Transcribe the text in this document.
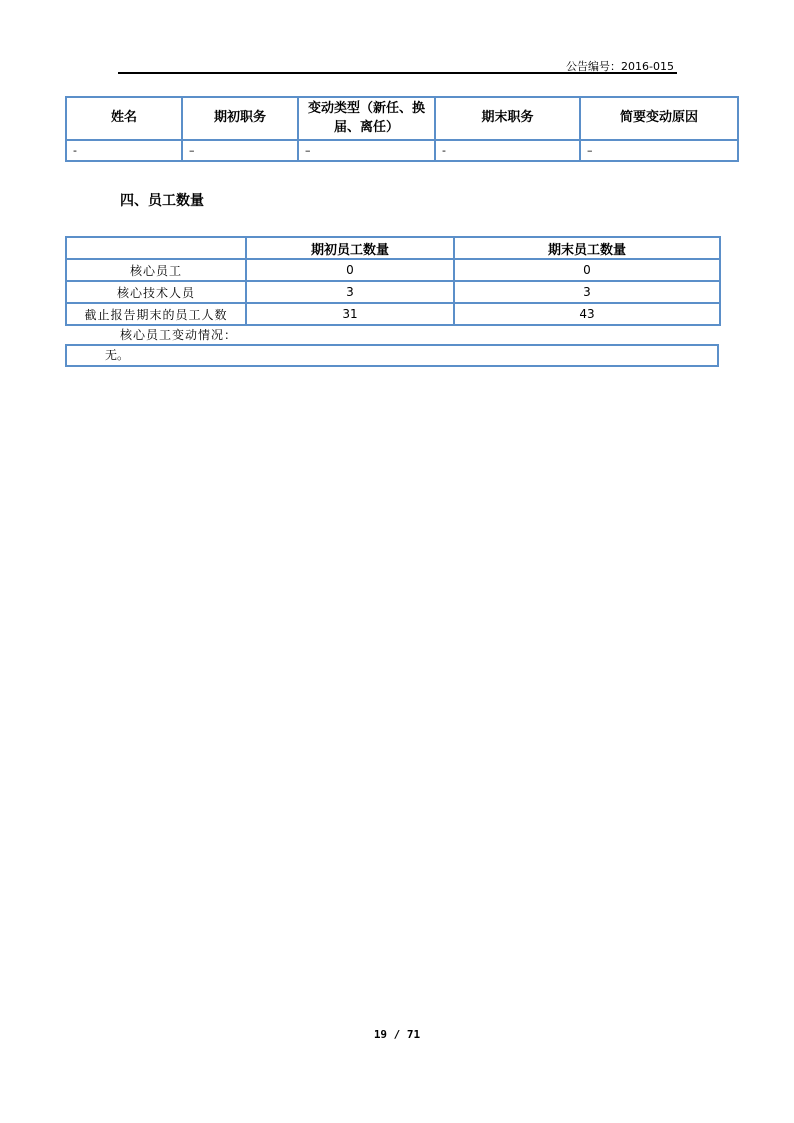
公告编号：2016-015
姓名	期初职务	变动类型（新任、换届、离任）	期末职务	简要变动原因
-	–	–	-	–
四、员工数量
	期初员工数量	期末员工数量
核心员工	0	0
核心技术人员	3	3
截止报告期末的员工人数	31	43
核心员工变动情况：
无。
19 / 71
